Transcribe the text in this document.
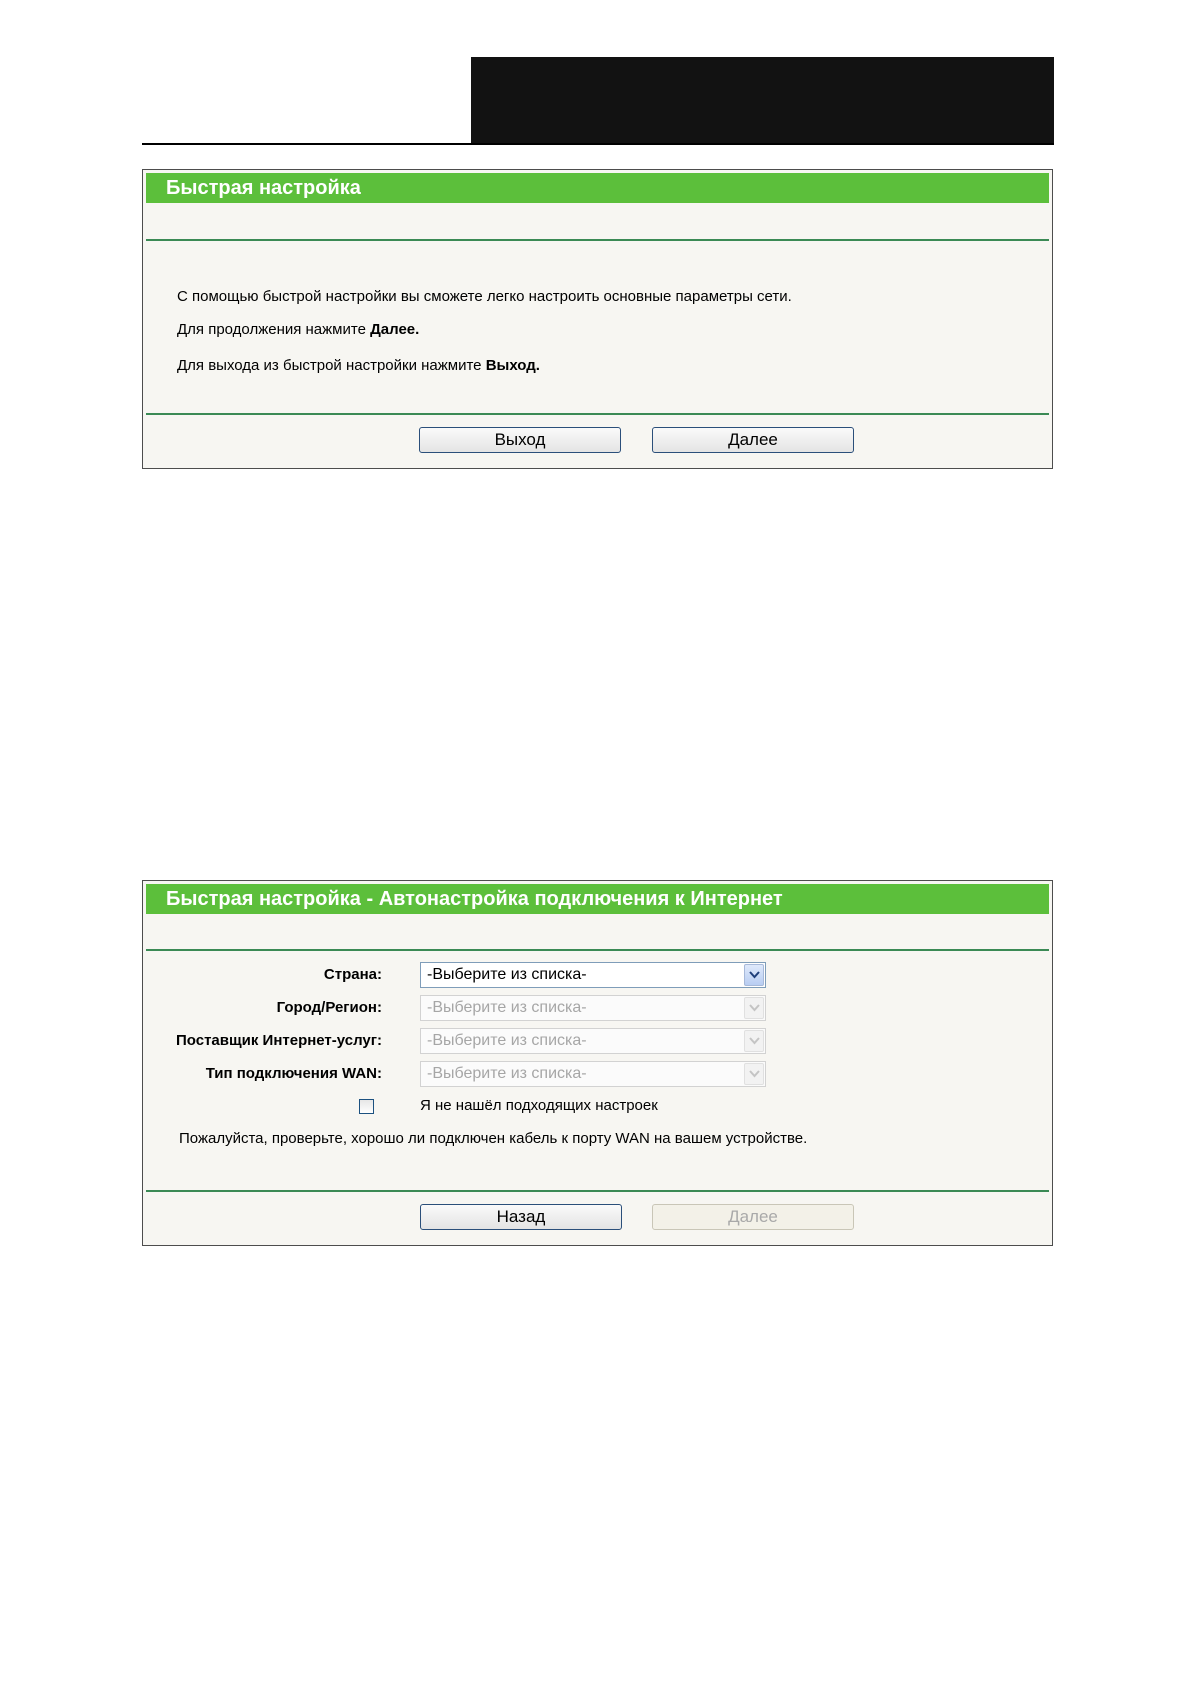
Быстрая настройка
С помощью быстрой настройки вы сможете легко настроить основные параметры сети.
Для продолжения нажмите Далее.
Для выхода из быстрой настройки нажмите Выход.
Выход	Далее
Быстрая настройка - Автонастройка подключения к Интернет
Страна:	-Выберите из списка-
Город/Регион:	-Выберите из списка-
Поставщик Интернет-услуг:	-Выберите из списка-
Тип подключения WAN:	-Выберите из списка-
Я не нашёл подходящих настроек
Пожалуйста, проверьте, хорошо ли подключен кабель к порту WAN на вашем устройстве.
Назад	Далее
